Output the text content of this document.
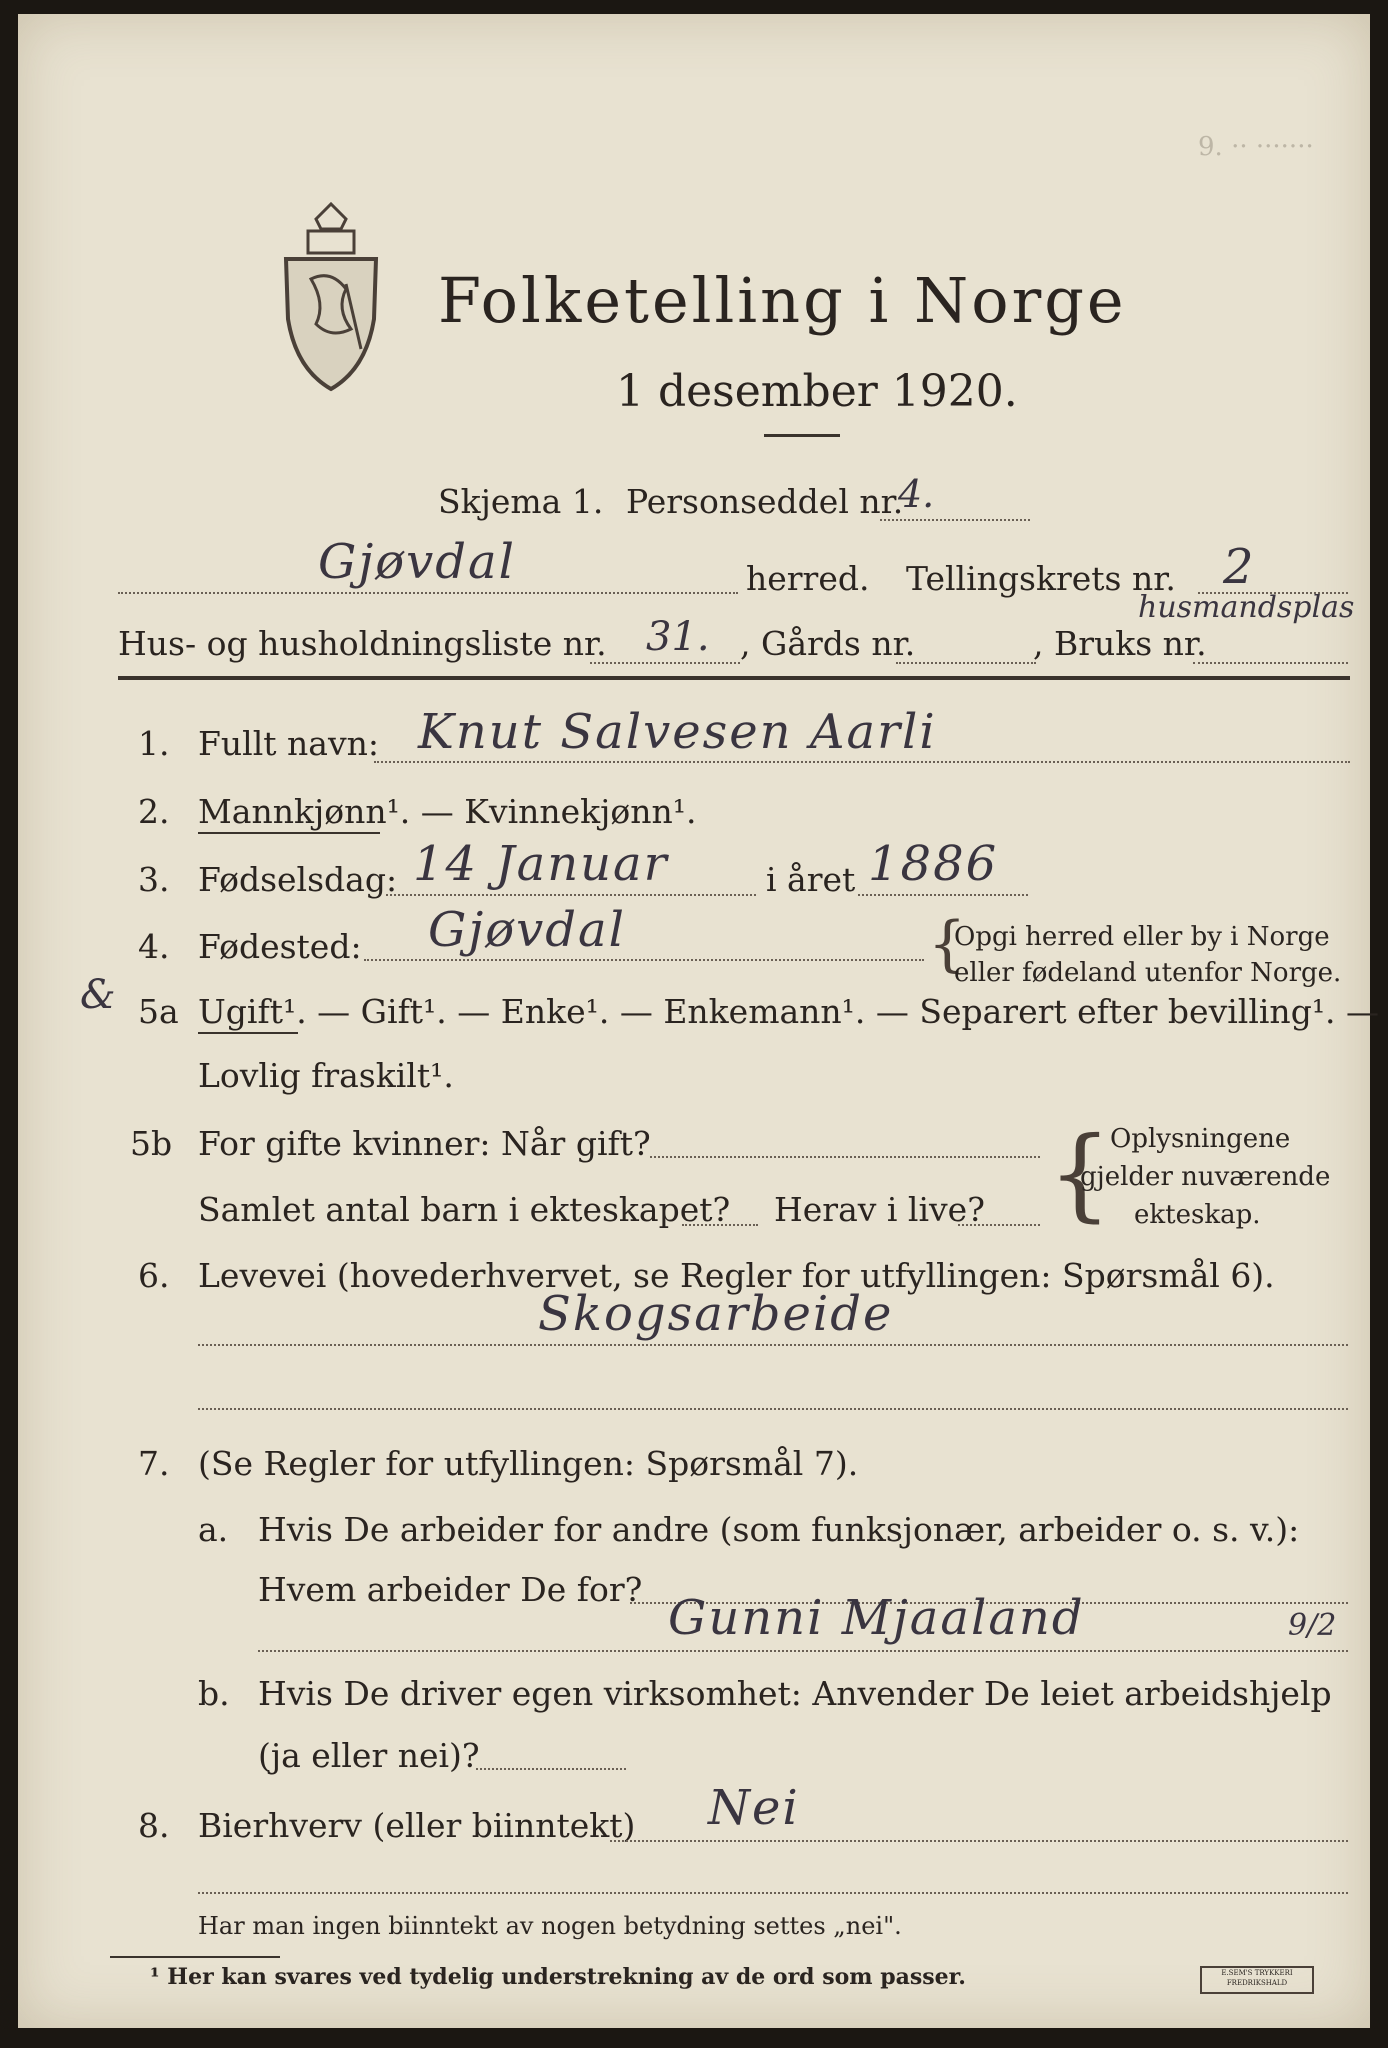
Folketelling i Norge
1 desember 1920.
9. ·· ·······
Skjema 1. Personseddel nr.
4.
Gjøvdal	herred. Tellingskrets nr. 2
Hus- og husholdningsliste nr. 31. , Gårds nr.	, Bruks nr.
husmandsplas
1. Fullt navn: Knut Salvesen Aarli
2. Mannkjønn¹. — Kvinnekjønn¹.
3. Fødselsdag: 14 Januar	i året 1886
4. Fødested: Gjøvdal	{
Opgi herred eller by i Norge
eller fødeland utenfor Norge.
& 5a Ugift¹. — Gift¹. — Enke¹. — Enkemann¹. — Separert efter bevilling¹. —
Lovlig fraskilt¹.
5b For gifte kvinner: Når gift?
Samlet antal barn i ekteskapet? Herav i live? {
Oplysningene
gjelder nuværende
ekteskap.
6. Levevei (hovederhvervet, se Regler for utfyllingen: Spørsmål 6).
Skogsarbeide
7. (Se Regler for utfyllingen: Spørsmål 7).
a. Hvis De arbeider for andre (som funksjonær, arbeider o. s. v.):
Hvem arbeider De for?
Gunni Mjaaland	9/2
b. Hvis De driver egen virksomhet: Anvender De leiet arbeidshjelp
(ja eller nei)?
8. Bierhverv (eller biinntekt) Nei
Har man ingen biinntekt av nogen betydning settes „nei".
¹ Her kan svares ved tydelig understrekning av de ord som passer.	E.SEM'S TRYKKERI FREDRIKSHALD
